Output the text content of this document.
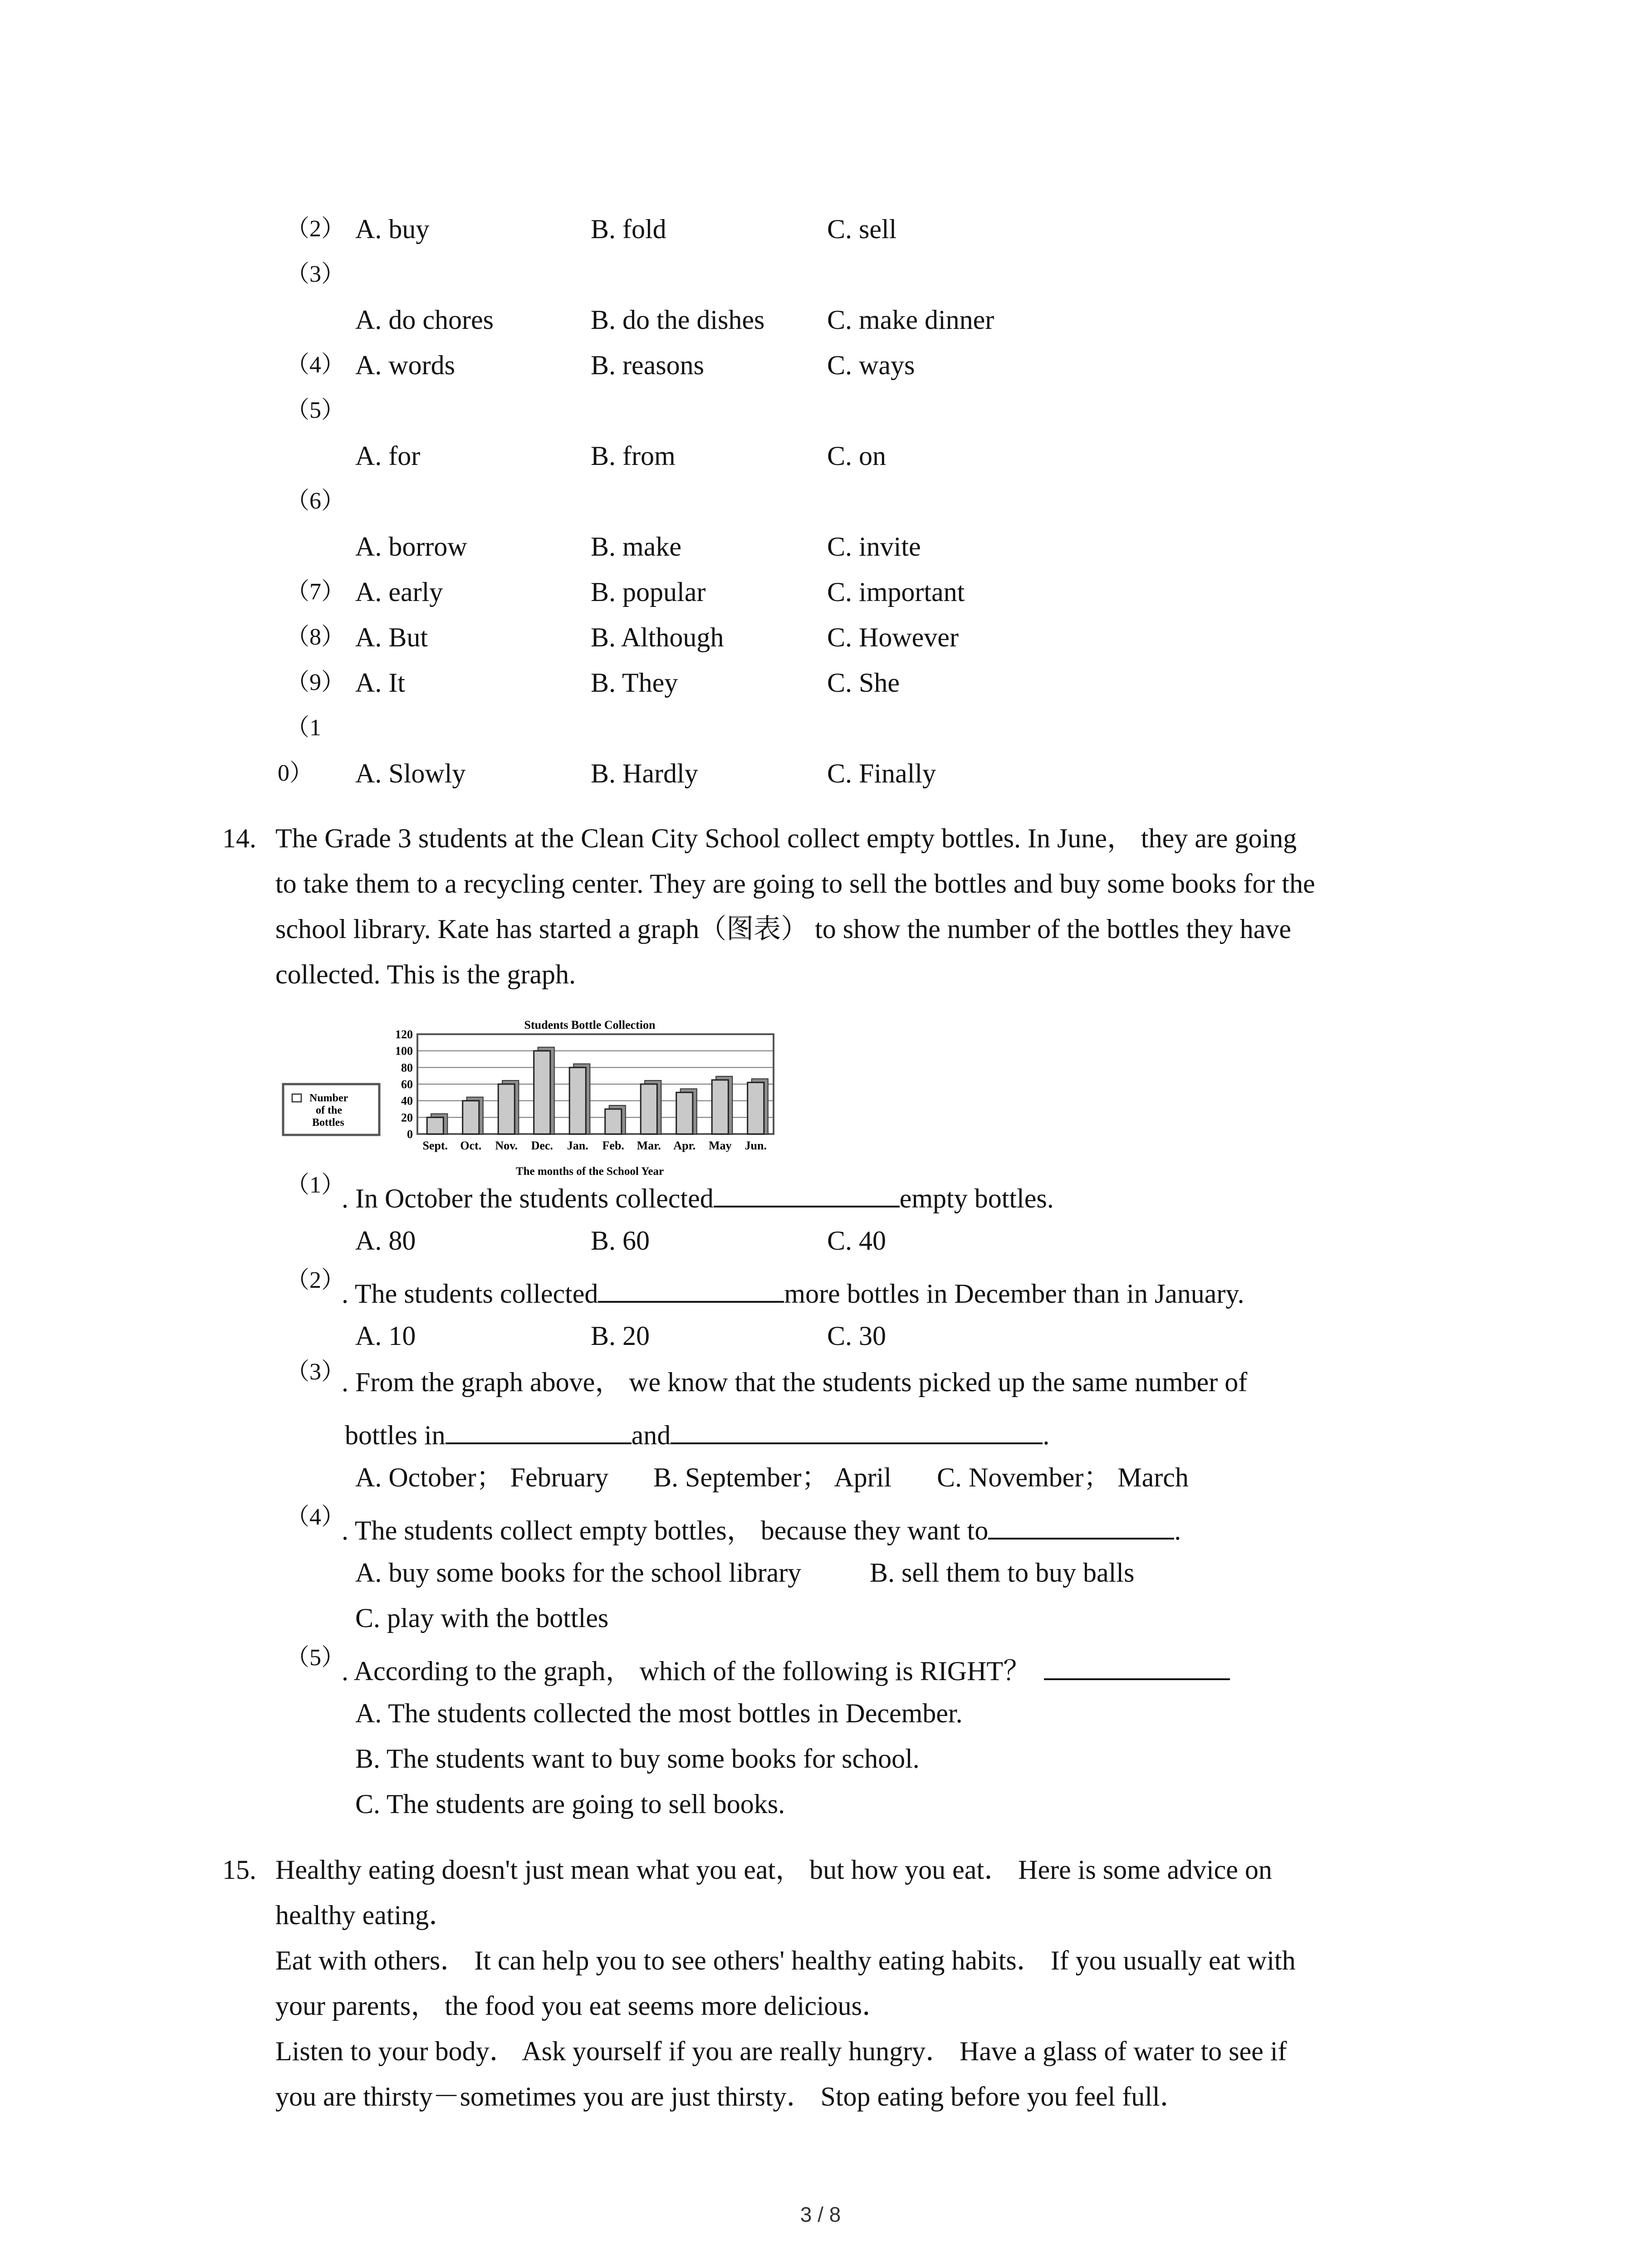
（2） A. buy	B. fold	C. sell
（3）
A. do chores	B. do the dishes C. make dinner
（4） A. words	B. reasons	C. ways
（5）
A. for	B. from	C. on
（6）
A. borrow	B. make	C. invite
（7） A. early	B. popular	C. important
（8） A. But	B. Although	C. However
（9） A. It	B. They	C. She
（1
0） A. Slowly	B. Hardly	C. Finally
14. The Grade 3 students at the Clean City School collect empty bottles. In June， they are going
to take them to a recycling center. They are going to sell the bottles and buy some books for the
school library. Kate has started a graph（图表） to show the number of the bottles they have
collected. This is the graph.
Students Bottle Collection
0
20
40
60
80
100
120
Sept. Oct. Nov. Dec. Jan. Feb. Mar. Apr. May Jun.
The months of the School Year
Number
of the
Bottles
（1）
. In October the students collected	empty bottles.
A. 80	B. 60	C. 40
（2）
. The students collected	more bottles in December than in January.
A. 10	B. 20	C. 30
（3）
. From the graph above， we know that the students picked up the same number of
bottles in	and	.
A. October； February B. September； April C. November； March
（4）
. The students collect empty bottles， because they want to	.
A. buy some books for the school library	B. sell them to buy balls
C. play with the bottles
（5）
. According to the graph， which of the following is RIGHT？
A. The students collected the most bottles in December.
B. The students want to buy some books for school.
C. The students are going to sell books.
15. Healthy eating doesn't just mean what you eat， but how you eat． Here is some advice on
healthy eating．
Eat with others． It can help you to see others' healthy eating habits． If you usually eat with
your parents， the food you eat seems more delicious．
Listen to your body． Ask yourself if you are really hungry． Have a glass of water to see if
you are thirsty－sometimes you are just thirsty． Stop eating before you feel full．
3 / 8
